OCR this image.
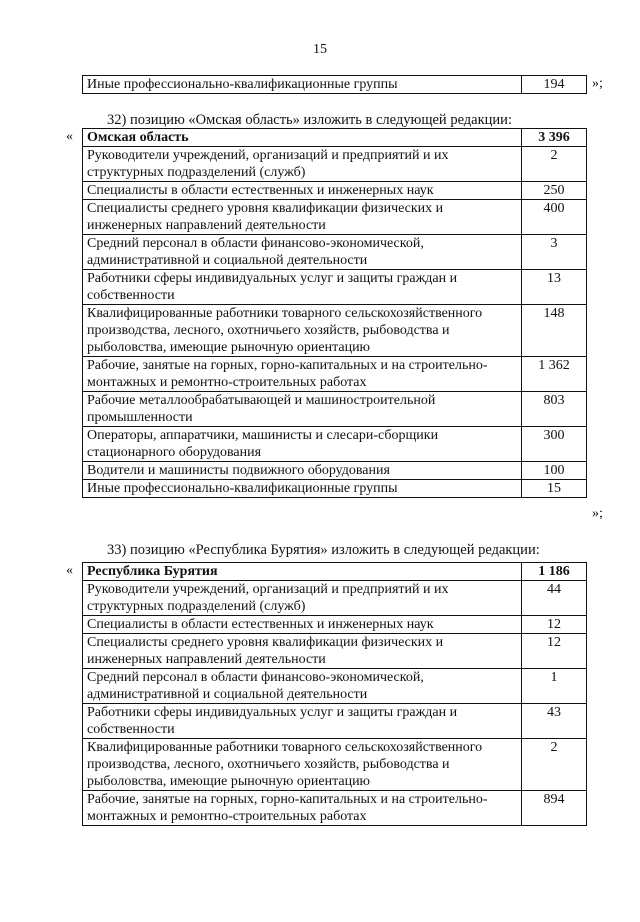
15
Иные профессионально-квалификационные группы	194 »;
32) позицию «Омская область» изложить в следующей редакции:
« Омская область	3 396
Руководители учреждений, организаций и предприятий и их структурных подразделений (служб)	2
Специалисты в области естественных и инженерных наук	250
Специалисты среднего уровня квалификации физических и инженерных направлений деятельности	400
Средний персонал в области финансово-экономической, административной и социальной деятельности	3
Работники сферы индивидуальных услуг и защиты граждан и собственности	13
Квалифицированные работники товарного сельскохозяйственного производства, лесного, охотничьего хозяйств, рыбоводства и рыболовства, имеющие рыночную ориентацию	148
Рабочие, занятые на горных, горно-капитальных и на строительно-монтажных и ремонтно-строительных работах	1 362
Рабочие металлообрабатывающей и машиностроительной промышленности	803
Операторы, аппаратчики, машинисты и слесари-сборщики стационарного оборудования	300
Водители и машинисты подвижного оборудования	100
Иные профессионально-квалификационные группы	15
»;
33) позицию «Республика Бурятия» изложить в следующей редакции:
« Республика Бурятия	1 186
Руководители учреждений, организаций и предприятий и их структурных подразделений (служб)	44
Специалисты в области естественных и инженерных наук	12
Специалисты среднего уровня квалификации физических и инженерных направлений деятельности	12
Средний персонал в области финансово-экономической, административной и социальной деятельности	1
Работники сферы индивидуальных услуг и защиты граждан и собственности	43
Квалифицированные работники товарного сельскохозяйственного производства, лесного, охотничьего хозяйств, рыбоводства и рыболовства, имеющие рыночную ориентацию	2
Рабочие, занятые на горных, горно-капитальных и на строительно-монтажных и ремонтно-строительных работах	894
